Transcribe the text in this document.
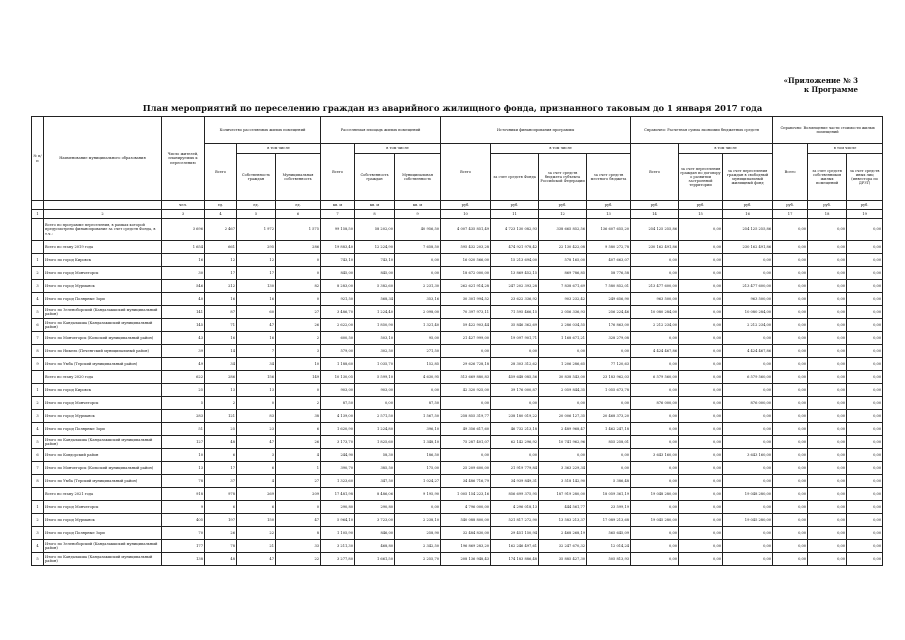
«Приложение № 3
к Программе
План мероприятий по переселению граждан из аварийного жилищного фонда, признанного таковым до 1 января 2017 года
№ п/п	Наименование муниципального образования	Число жителей, планируемых к переселению	Количество расселяемых жилых помещений			Расселяемая площадь жилых помещений			Источники финансирования программы				Справочно: Расчетная сумма экономии бюджетных средств			Справочно: Возмещение части стоимости жилых помещений		
			Всего	в том числе		Всего	в том числе		Всего	в том числе			Всего	в том числе		Всего	в том числе	
				Собственность граждан	Муниципальная собственность		Собственность граждан	Муниципальная собственность		за счет средств Фонда	за счет средств бюджета субъекта Российской Федерации	за счет средств местного бюджета		за счет переселения граждан по договору о развитии застроенной территории	за счет переселения граждан в свободный муниципальный жилищный фонд		за счет средств собственников жилых помещений	за счет средств иных лиц (инвестора по ДРЗТ)
		чел.	ед.	ед.	ед.	кв. м	кв. м	кв. м	руб.	руб.	руб.	руб.	руб.	руб.	руб.	руб.	руб.	руб.
1	2	3	4	5	6	7	8	9	10	11	12	13	14	15	16	17	18	19
	Всего по программе переселения, в рамках которой предусмотрено финансирование за счет средств Фонда, в т.ч.:	3 696	2 467	1 972	1 575	99 158,50	58 202,00	40 956,50	4 007 435 851,49	4 723 130 082,93	338 665 852,56	136 607 655,20	254 125 255,86	0,00	254 125 255,86	0,00	0,00	0,00
	Всего по этапу 2019 года	1 654	661	295	286	19 883,40	12 224,90	7 658,50	595 432 203,28	474 921 978,42	22 130 422,08	9 580 272,78	230 162 491,86	0,00	230 162 491,86	0,00	0,00	0,00
1	Итого по город Кировск	16	12	12	0	743,10	743,10	0,00	16 020 566,00	15 213 694,00	578 165,00	407 663,07	0,00	0,00	0,00	0,00	0,00	0,00
2	Итого по город Мончегорск	30	17	17	0	845,00	845,00	0,00	18 672 000,00	13 869 452,15	869 786,85	58 776,58	0,00	0,00	0,00	0,00	0,00	0,00
3	Итого по город Мурманск	546	212	130	82	8 283,00	5 382,60	2 231,30	262 621 914,28	247 202 393,28	7 838 671,69	7 580 852,01	213 477 600,00	0,00	213 477 600,00	0,00	0,00	0,00
4	Итого по город Полярные Зори	40	16	16	0	921,50	568,34	353,16	30 301 994,52	23 622 336,92	903 232,42	249 656,90	963 500,00	0,00	963 500,00	0,00	0,00	0,00
5	Итого по Зеленоборский (Кандалакшский муниципальный район)	141	87	60	27	3 486,70	1 224,40	2 098,00	70 397 973,11	71 595 466,15	2 056 336,93	256 224,46	10 080 284,00	0,00	10 080 284,00	0,00	0,00	0,00
6	Итого по Кандалакша (Кандалакшский муниципальный район)	145	71	47	26	2 622,00	1 850,90	1 321,40	59 422 903,44	35 846 362,69	2 286 034,55	176 863,00	2 212 234,00	0,00	2 212 234,00	0,00	0,00	0,00
7	Итого по Мончегорск (Кольский муниципальный район)	43	16	16	2	600,50	503,10	95,00	21 427 999,00	19 097 901,71	1 168 671,21	328 279,08	0,00	0,00	0,00	0,00	0,00	0,00
8	Итого по Никель (Печенгский муниципальный район)	39	14	7	3	579,00	302,50	271,50	0,00	0,00	0,00	0,00	4 424 467,86	0,00	4 424 467,86	0,00	0,00	0,00
9	Итого по Умба (Терский муниципальный район)	49	34	34	10	1 188,60	1 035,70	152,85	29 626 728,18	28 303 312,62	1 206 286,65	77 120,63	0,00	0,00	0,00	0,00	0,00	0,00
	Всего по этапу 2020 года	622	286	156	149	10 130,05	5 599,10	4 630,95	513 669 880,83	459 648 085,56	30 838 543,00	23 183 962,03	6 579 560,00	0,00	6 579 560,00	0,00	0,00	0,00
1	Итого по город Кировск	25	13	13	0	903,00	903,00	0,00	42 320 925,00	39 176 000,87	2 059 844,35	1 055 673,78	0,00	0,00	0,00	0,00	0,00	0,00
2	Итого по город Мончегорск	5	2	0	2	87,50	0,00	87,50	0,00	0,00	0,00	0,00	876 000,00	0,00	876 000,00	0,00	0,00	0,00
3	Итого по город Мурманск	283	121	83	38	4 139,00	2 571,50	1 567,50	258 855 319,77	238 180 019,22	20 006 127,35	20 468 373,20	0,00	0,00	0,00	0,00	0,00	0,00
4	Итого по город Полярные Зори	51	25	23	6	1 620,90	1 224,80	396,10	49 356 617,60	46 732 213,18	2 489 968,47	1 462 247,18	0,00	0,00	0,00	0,00	0,00	0,00
5	Итого по Кандалакша (Кандалакшский муниципальный район)	127	48	47	26	3 173,70	1 825,60	1 348,10	75 287 401,07	62 142 296,92	10 741 962,96	855 258,01	0,00	0,00	0,00	0,00	0,00	0,00
6	Итого по Ковдорский район	10	6	3	4	244,90	58,30	186,50	0,00	0,00	0,00	0,00	3 643 160,00	0,00	3 643 160,00	0,00	0,00	0,00
7	Итого по Мончегорск (Кольский муниципальный район)	13	17	6	1	390,70	385,50	175,00	25 209 600,00	21 919 779,84	3 363 229,34	0,00	0,00	0,00	0,00	0,00	0,00	0,00
8	Итого по Умба (Терский муниципальный район)	78	37	4	27	1 323,60	347,50	1 024,27	34 486 716,79	34 939 849,31	3 518 142,90	5 386,48	0,00	0,00	0,00	0,00	0,00	0,00
	Всего по этапу 2021 года	918	978	269	209	17 481,98	8 486,06	9 195,90	1 005 154 223,16	856 699 375,95	187 919 280,00	18 059 361,19	19 048 280,00	0,00	19 048 280,00	0,00	0,00	0,00
1	Итого по город Мончегорск	9	6	6	0	290,80	290,80	0,00	4 796 000,00	4 296 018,13	444 561,77	23 599,19	0,00	0,00	0,00	0,00	0,00	0,00
2	Итого по город Мурманск	405	197	150	47	5 964,10	3 723,00	2 238,10	540 088 800,00	521 817 272,90	13 583 213,37	17 089 213,68	19 045 280,00	0,00	19 045 280,00	0,00	0,00	0,00
3	Итого по город Полярные Зори	70	26	22	8	1 105,90	846,00	258,90	32 484 830,00	29 451 150,94	2 468 268,19	565 645,09	0,00	0,00	0,00	0,00	0,00	0,00
4	Итого по Зеленоборский (Кандалакшский муниципальный район)	177	78	21	33	3 211,30	468,80	2 342,50	196 869 283,20	162 246 497,61	32 247 670,32	12 014,24	0,00	0,00	0,00	0,00	0,00	0,00
5	Итого по Кандалакша (Кандалакшский муниципальный район)	138	48	47	22	3 277,80	1 661,50	2 255,70	208 136 948,43	174 183 886,48	35 885 427,30	505 813,93	0,00	0,00	0,00	0,00	0,00	0,00
